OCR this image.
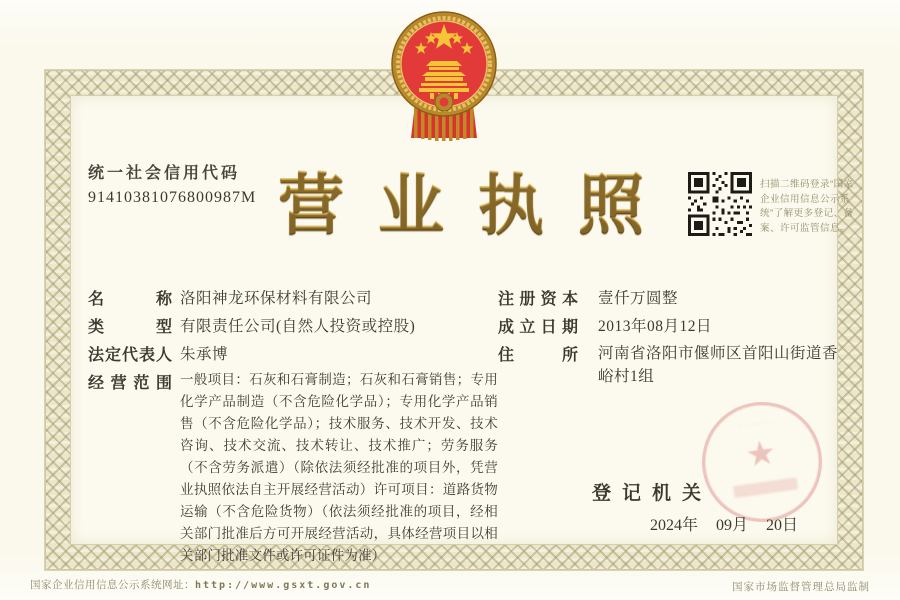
统一社会信用代码
91410381076800987M 营业执照	扫描二维码登录“国家企业信用信息公示系统”了解更多登记、备案、许可监管信息。
名称 洛阳神龙环保材料有限公司
类型 有限责任公司(自然人投资或控股)
法定代表人 朱承博
经营范围 一般项目：石灰和石膏制造；石灰和石膏销售；专用化学产品制造（不含危险化学品）；专用化学产品销售（不含危险化学品）；技术服务、技术开发、技术咨询、技术交流、技术转让、技术推广；劳务服务（不含劳务派遣）（除依法须经批准的项目外，凭营业执照依法自主开展经营活动）许可项目：道路货物运输（不含危险货物）（依法须经批准的项目，经相关部门批准后方可开展经营活动，具体经营项目以相关部门批准文件或许可证件为准）
注册资本 壹仟万圆整
成立日期 2013年08月12日
住所 河南省洛阳市偃师区首阳山街道香峪村1组
登记机关
∙∙∙∙∙∙∙∙
★
2024年 09月 20日
国家企业信用信息公示系统网址：http://www.gsxt.gov.cn	国家市场监督管理总局监制
